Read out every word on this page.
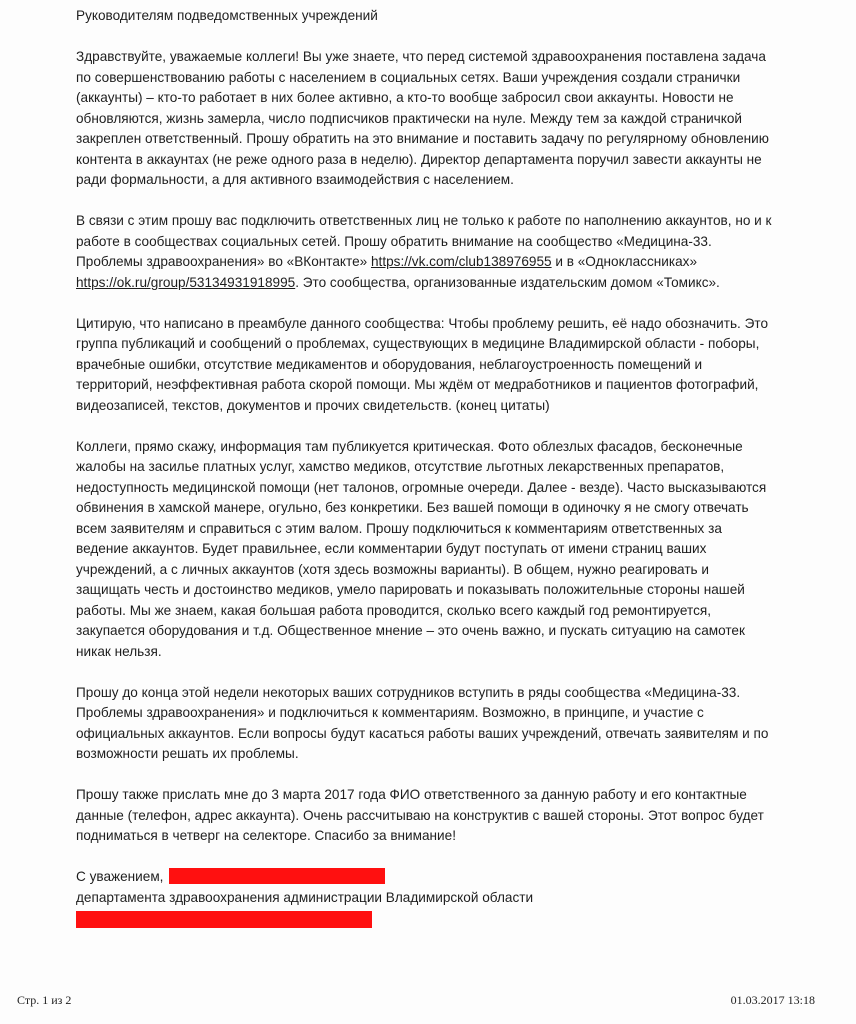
Руководителям подведомственных учреждений

Здравствуйте, уважаемые коллеги! Вы уже знаете, что перед системой здравоохранения поставлена задача по совершенствованию работы с населением в социальных сетях. Ваши учреждения создали странички (аккаунты) – кто-то работает в них более активно, а кто-то вообще забросил свои аккаунты. Новости не обновляются, жизнь замерла, число подписчиков практически на нуле. Между тем за каждой страничкой закреплен ответственный. Прошу обратить на это внимание и поставить задачу по регулярному обновлению контента в аккаунтах (не реже одного раза в неделю). Директор департамента поручил завести аккаунты не ради формальности, а для активного взаимодействия с населением.

В связи с этим прошу вас подключить ответственных лиц не только к работе по наполнению аккаунтов, но и к работе в сообществах социальных сетей. Прошу обратить внимание на сообщество «Медицина-33. Проблемы здравоохранения» во «ВКонтакте» https://vk.com/club138976955 и в «Одноклассниках» https://ok.ru/group/53134931918995. Это сообщества, организованные издательским домом «Томикс».

Цитирую, что написано в преамбуле данного сообщества: Чтобы проблему решить, её надо обозначить. Это группа публикаций и сообщений о проблемах, существующих в медицине Владимирской области - поборы, врачебные ошибки, отсутствие медикаментов и оборудования, неблагоустроенность помещений и территорий, неэффективная работа скорой помощи. Мы ждём от медработников и пациентов фотографий, видеозаписей, текстов, документов и прочих свидетельств. (конец цитаты)

Коллеги, прямо скажу, информация там публикуется критическая. Фото облезлых фасадов, бесконечные жалобы на засилье платных услуг, хамство медиков, отсутствие льготных лекарственных препаратов, недоступность медицинской помощи (нет талонов, огромные очереди. Далее - везде). Часто высказываются обвинения в хамской манере, огульно, без конкретики. Без вашей помощи в одиночку я не смогу отвечать всем заявителям и справиться с этим валом. Прошу подключиться к комментариям ответственных за ведение аккаунтов. Будет правильнее, если комментарии будут поступать от имени страниц ваших учреждений, а с личных аккаунтов (хотя здесь возможны варианты). В общем, нужно реагировать и защищать честь и достоинство медиков, умело парировать и показывать положительные стороны нашей работы. Мы же знаем, какая большая работа проводится, сколько всего каждый год ремонтируется, закупается оборудования и т.д. Общественное мнение – это очень важно, и пускать ситуацию на самотек никак нельзя.

Прошу до конца этой недели некоторых ваших сотрудников вступить в ряды сообщества «Медицина-33. Проблемы здравоохранения» и подключиться к комментариям. Возможно, в принципе, и участие с официальных аккаунтов. Если вопросы будут касаться работы ваших учреждений, отвечать заявителям и по возможности решать их проблемы.

Прошу также прислать мне до 3 марта 2017 года ФИО ответственного за данную работу и его контактные данные (телефон, адрес аккаунта). Очень рассчитываю на конструктив с вашей стороны. Этот вопрос будет подниматься в четверг на селекторе. Спасибо за внимание!

С уважением,
департамента здравоохранения администрации Владимирской области
Стр. 1 из 2	01.03.2017 13:18
